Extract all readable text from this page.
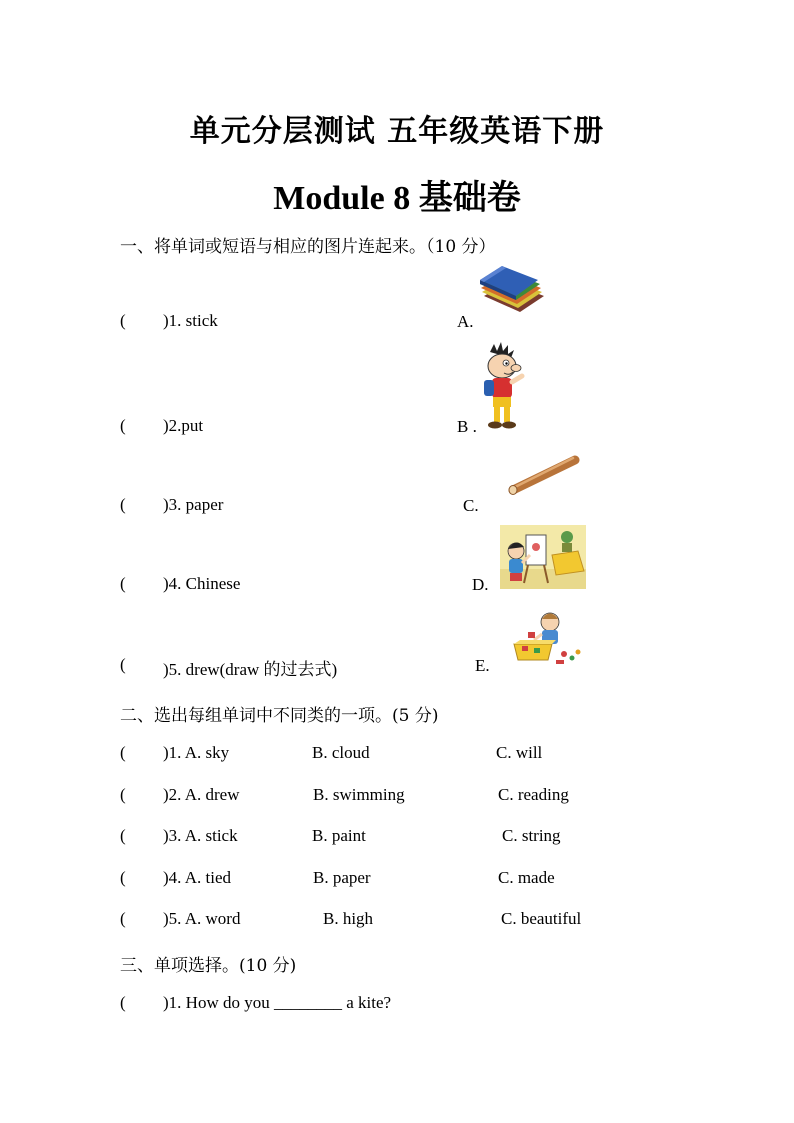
单元分层测试 五年级英语下册
Module 8 基础卷
一、将单词或短语与相应的图片连起来。（10 分）
( )1. stick	A.
( )2.put	B .
( )3. paper	C.
( )4. Chinese	D.
( )5. drew(draw 的过去式)	E.
二、选出每组单词中不同类的一项。(5 分)
( )1. A. sky	B. cloud	C. will
( )2. A. drew	B. swimming	C. reading
( )3. A. stick	B. paint	C. string
( )4. A. tied	B. paper	C. made
( )5. A. word	B. high	C. beautiful
三、单项选择。(10 分)
( )1. How do you ________ a kite?
